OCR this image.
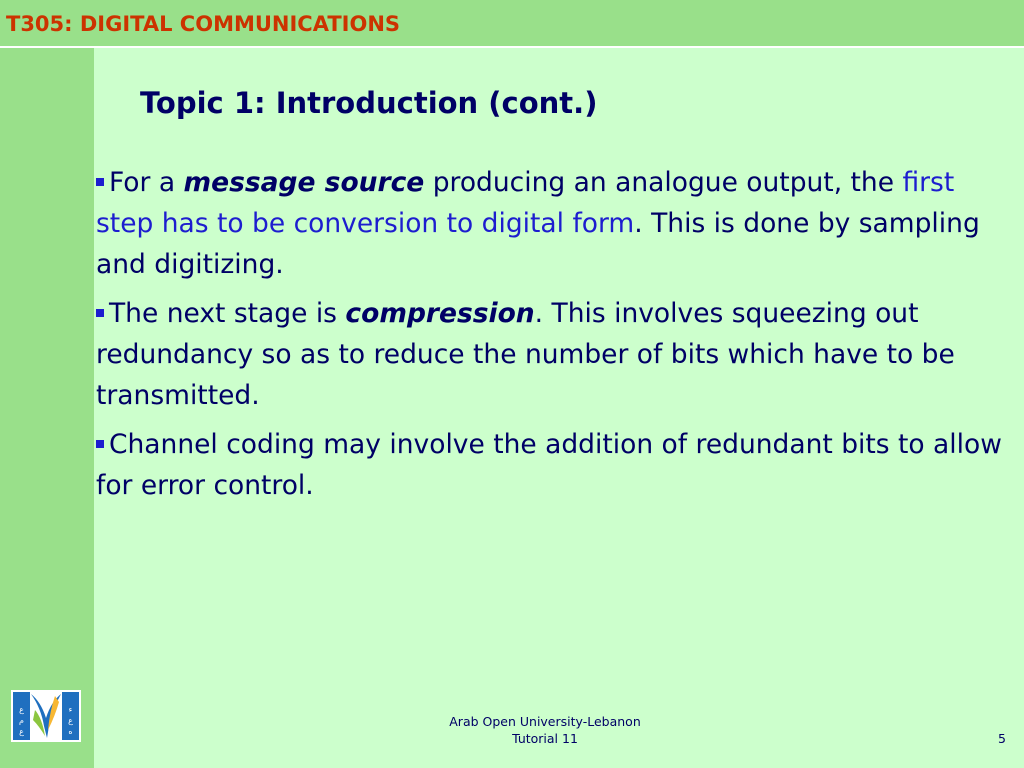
T305: DIGITAL COMMUNICATIONS
Topic 1: Introduction (cont.)
For a message source producing an analogue output, the first step has to be conversion to digital form. This is done by sampling and digitizing.
The next stage is compression. This involves squeezing out redundancy so as to reduce the number of bits which have to be transmitted.
Channel coding may involve the addition of redundant bits to allow for error control.
ع
م
ع
ء
ع
ه
Arab Open University-Lebanon
Tutorial 11	5
